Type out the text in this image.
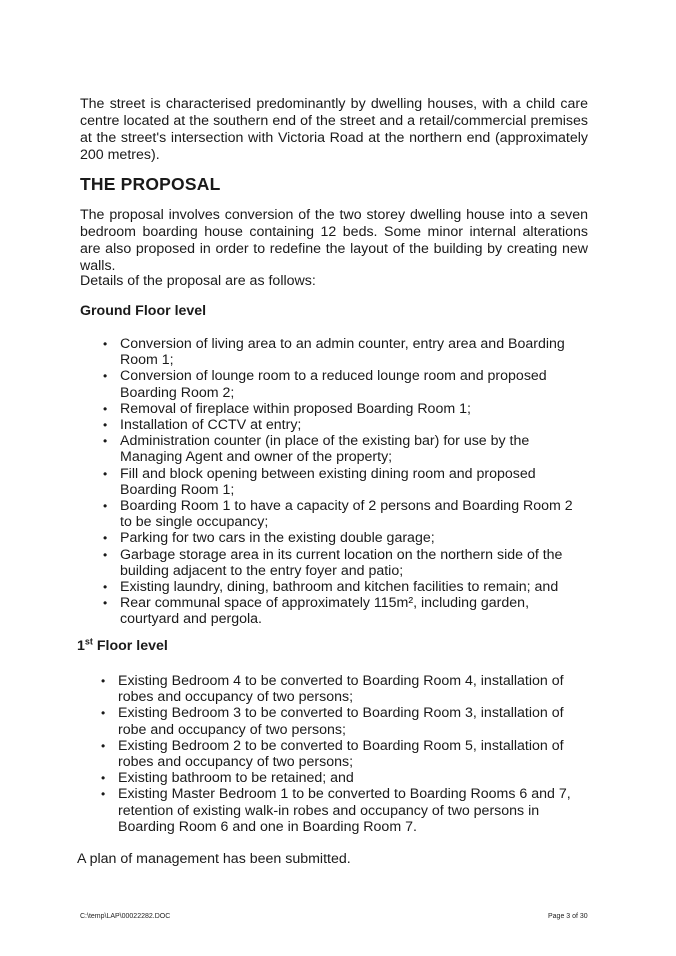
The street is characterised predominantly by dwelling houses, with a child care centre located at the southern end of the street and a retail/commercial premises at the street's intersection with Victoria Road at the northern end (approximately 200 metres).

THE PROPOSAL

The proposal involves conversion of the two storey dwelling house into a seven bedroom boarding house containing 12 beds. Some minor internal alterations are also proposed in order to redefine the layout of the building by creating new walls.

Details of the proposal are as follows:

Ground Floor level
• Conversion of living area to an admin counter, entry area and Boarding Room 1;
• Conversion of lounge room to a reduced lounge room and proposed Boarding Room 2;
• Removal of fireplace within proposed Boarding Room 1;
• Installation of CCTV at entry;
• Administration counter (in place of the existing bar) for use by the Managing Agent and owner of the property;
• Fill and block opening between existing dining room and proposed Boarding Room 1;
• Boarding Room 1 to have a capacity of 2 persons and Boarding Room 2 to be single occupancy;
• Parking for two cars in the existing double garage;
• Garbage storage area in its current location on the northern side of the building adjacent to the entry foyer and patio;
• Existing laundry, dining, bathroom and kitchen facilities to remain; and
• Rear communal space of approximately 115m², including garden, courtyard and pergola.
1st Floor level
• Existing Bedroom 4 to be converted to Boarding Room 4, installation of robes and occupancy of two persons;
• Existing Bedroom 3 to be converted to Boarding Room 3, installation of robe and occupancy of two persons;
• Existing Bedroom 2 to be converted to Boarding Room 5, installation of robes and occupancy of two persons;
• Existing bathroom to be retained; and
• Existing Master Bedroom 1 to be converted to Boarding Rooms 6 and 7, retention of existing walk-in robes and occupancy of two persons in Boarding Room 6 and one in Boarding Room 7.

A plan of management has been submitted.

C:\temp\LAP\00022282.DOC	Page 3 of 30
